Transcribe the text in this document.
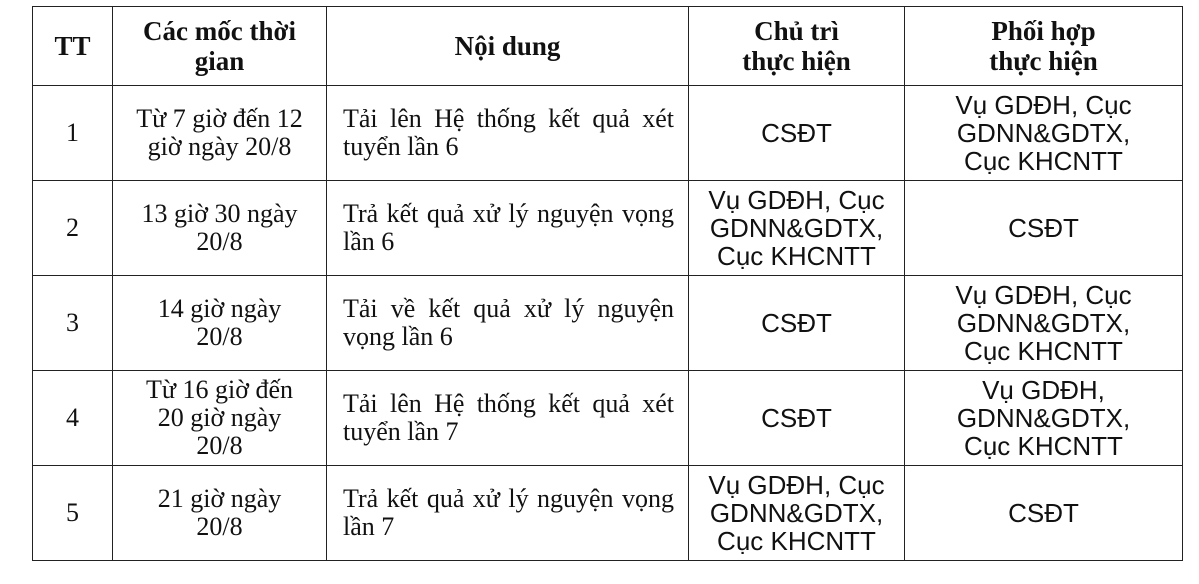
TT	Các mốc thời gian	Nội dung	Chủ trì thực hiện	Phối hợp thực hiện
1	Từ 7 giờ đến 12 giờ ngày 20/8	Tải lên Hệ thống kết quả xét tuyển lần 6	CSĐT	Vụ GDĐH, Cục GDNN&GDTX, Cục KHCNTT
2	13 giờ 30 ngày 20/8	Trả kết quả xử lý nguyện vọng lần 6	Vụ GDĐH, Cục GDNN&GDTX, Cục KHCNTT	CSĐT
3	14 giờ ngày 20/8	Tải về kết quả xử lý nguyện vọng lần 6	CSĐT	Vụ GDĐH, Cục GDNN&GDTX, Cục KHCNTT
4	Từ 16 giờ đến 20 giờ ngày 20/8	Tải lên Hệ thống kết quả xét tuyển lần 7	CSĐT	Vụ GDĐH, GDNN&GDTX, Cục KHCNTT
5	21 giờ ngày 20/8	Trả kết quả xử lý nguyện vọng lần 7	Vụ GDĐH, Cục GDNN&GDTX, Cục KHCNTT	CSĐT
